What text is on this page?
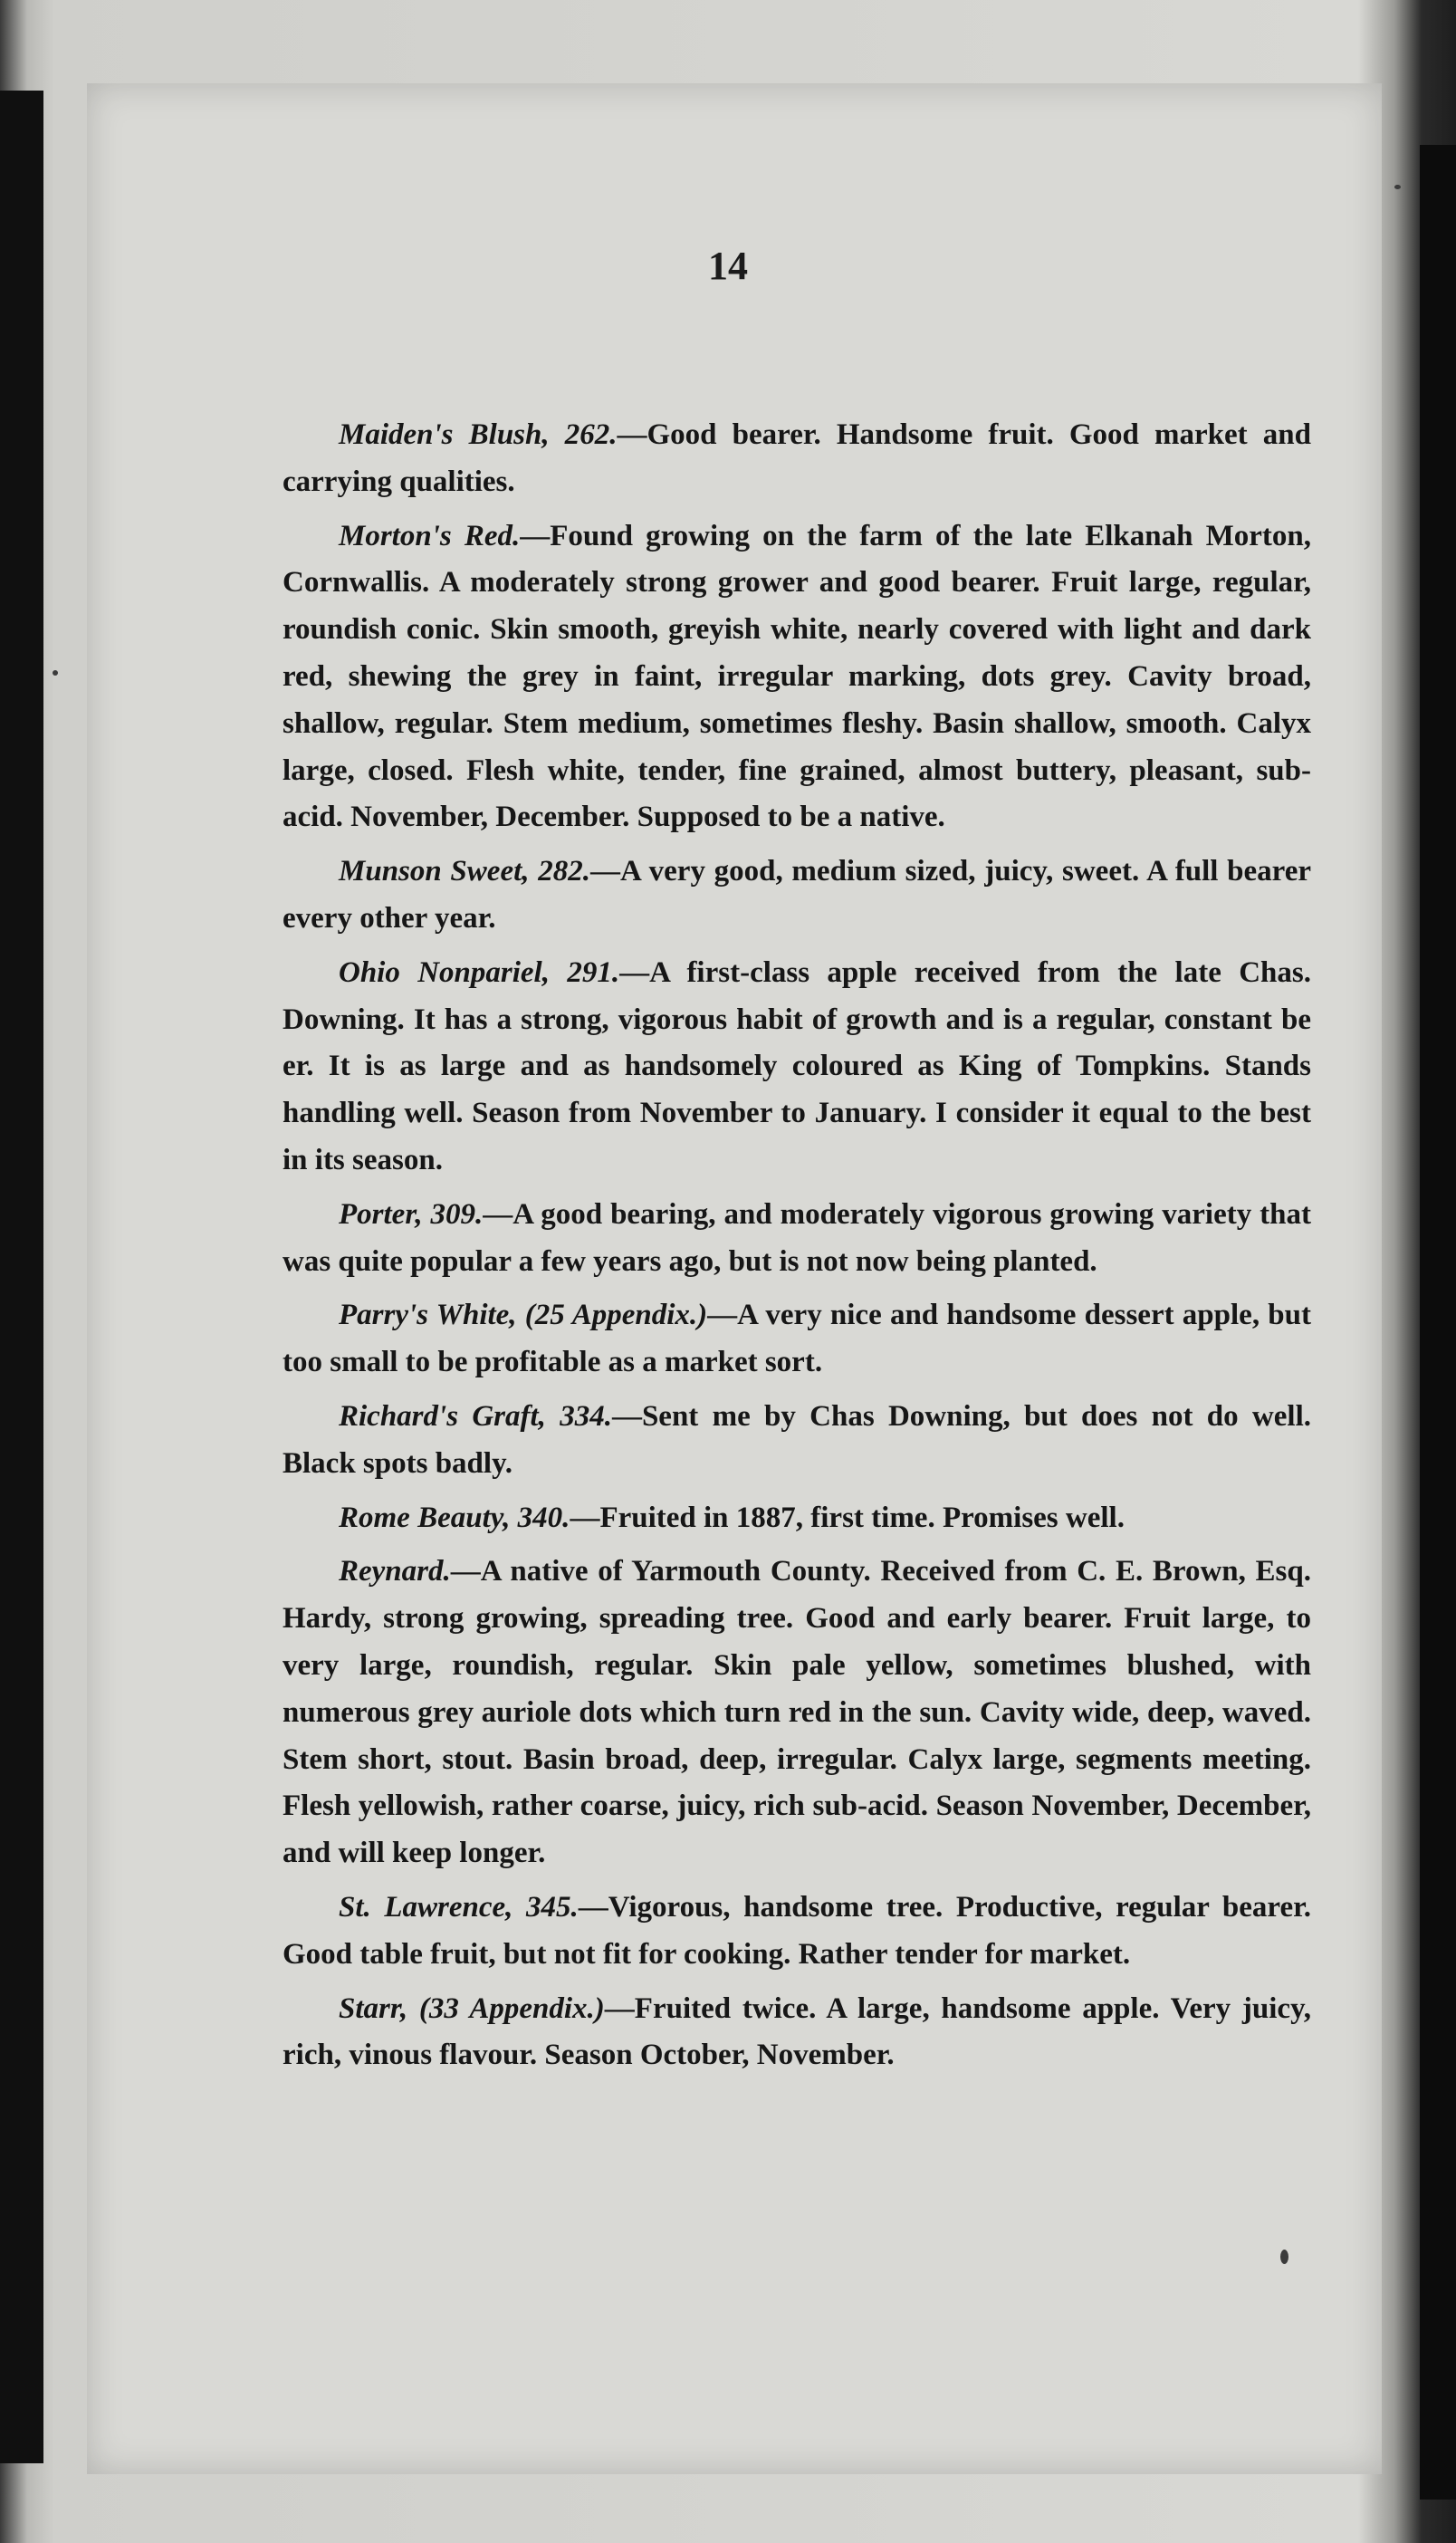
14

Maiden's Blush, 262.—Good bearer. Handsome fruit. Good market and carrying qualities.

Morton's Red.—Found growing on the farm of the late Elkanah Morton, Cornwallis. A moderately strong grower and good bearer. Fruit large, regular, roundish conic. Skin smooth, greyish white, nearly covered with light and dark red, shewing the grey in faint, irregular marking, dots grey. Cavity broad, shallow, regular. Stem medium, sometimes fleshy. Basin shallow, smooth. Calyx large, closed. Flesh white, tender, fine grained, almost buttery, pleasant, sub-acid. November, December. Supposed to be a native.

Munson Sweet, 282.—A very good, medium sized, juicy, sweet. A full bearer every other year.

Ohio Nonpariel, 291.—A first-class apple received from the late Chas. Downing. It has a strong, vigorous habit of growth and is a regular, constant be er. It is as large and as handsomely coloured as King of Tompkins. Stands handling well. Season from November to January. I consider it equal to the best in its season.

Porter, 309.—A good bearing, and moderately vigorous growing variety that was quite popular a few years ago, but is not now being planted.

Parry's White, (25 Appendix.)—A very nice and handsome dessert apple, but too small to be profitable as a market sort.

Richard's Graft, 334.—Sent me by Chas Downing, but does not do well. Black spots badly.

Rome Beauty, 340.—Fruited in 1887, first time. Promises well.

Reynard.—A native of Yarmouth County. Received from C. E. Brown, Esq. Hardy, strong growing, spreading tree. Good and early bearer. Fruit large, to very large, roundish, regular. Skin pale yellow, sometimes blushed, with numerous grey auriole dots which turn red in the sun. Cavity wide, deep, waved. Stem short, stout. Basin broad, deep, irregular. Calyx large, segments meeting. Flesh yellowish, rather coarse, juicy, rich sub-acid. Season November, December, and will keep longer.

St. Lawrence, 345.—Vigorous, handsome tree. Productive, regular bearer. Good table fruit, but not fit for cooking. Rather tender for market.

Starr, (33 Appendix.)—Fruited twice. A large, handsome apple. Very juicy, rich, vinous flavour. Season October, November.
